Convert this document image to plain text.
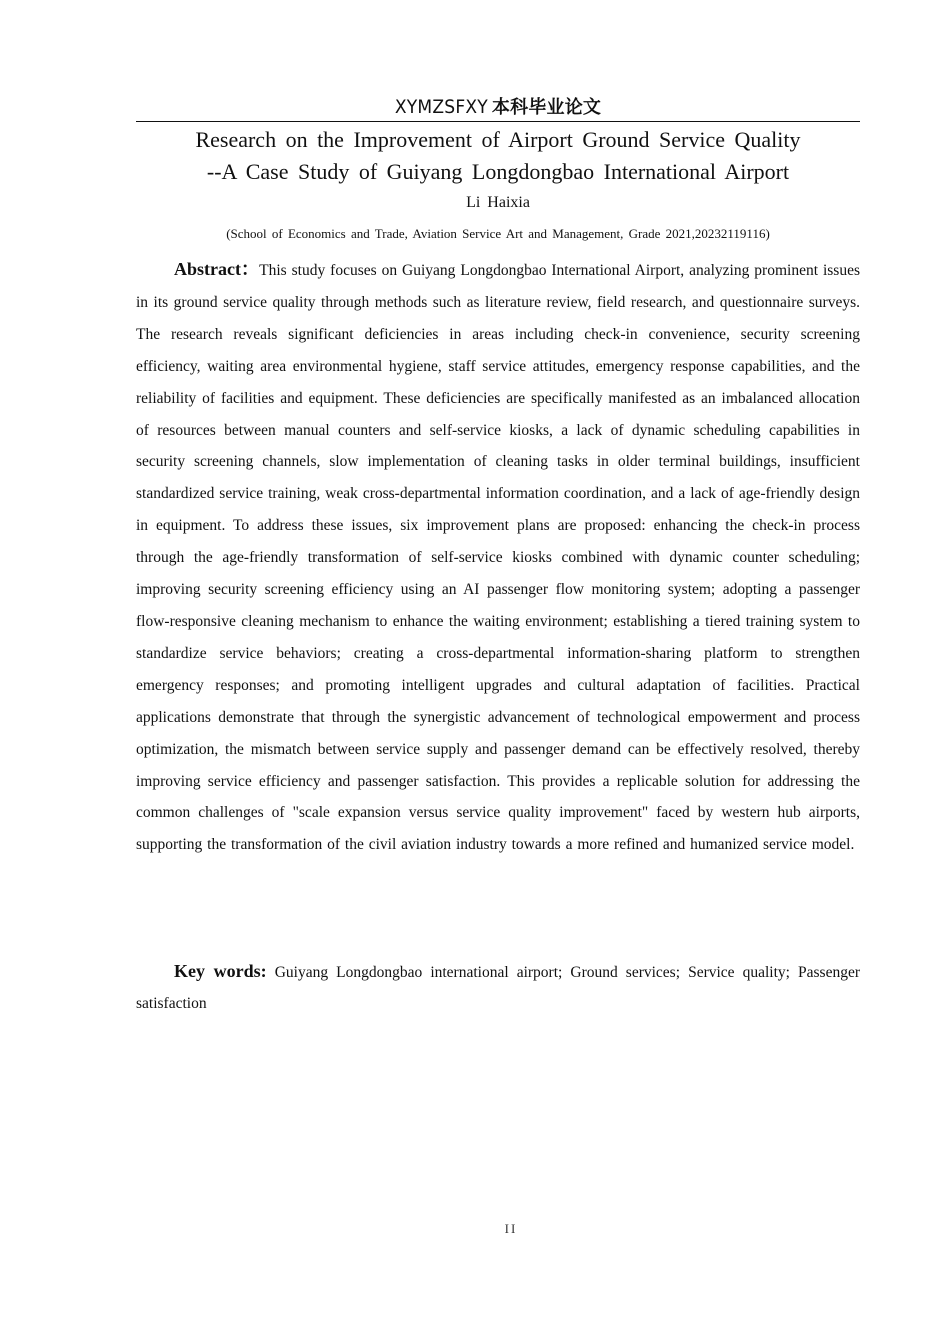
XYMZSFXY 本科毕业论文
Research on the Improvement of Airport Ground Service Quality
--A Case Study of Guiyang Longdongbao International Airport
Li Haixia
(School of Economics and Trade, Aviation Service Art and Management, Grade 2021,20232119116)

Abstract：This study focuses on Guiyang Longdongbao International Airport, analyzing prominent issues in its ground service quality through methods such as literature review, field research, and questionnaire surveys. The research reveals significant deficiencies in areas including check-in convenience, security screening efficiency, waiting area environmental hygiene, staff service attitudes, emergency response capabilities, and the reliability of facilities and equipment. These deficiencies are specifically manifested as an imbalanced allocation of resources between manual counters and self-service kiosks, a lack of dynamic scheduling capabilities in security screening channels, slow implementation of cleaning tasks in older terminal buildings, insufficient standardized service training, weak cross-departmental information coordination, and a lack of age-friendly design in equipment. To address these issues, six improvement plans are proposed: enhancing the check-in process through the age-friendly transformation of self-service kiosks combined with dynamic counter scheduling; improving security screening efficiency using an AI passenger flow monitoring system; adopting a passenger flow-responsive cleaning mechanism to enhance the waiting environment; establishing a tiered training system to standardize service behaviors; creating a cross-departmental information-sharing platform to strengthen emergency responses; and promoting intelligent upgrades and cultural adaptation of facilities. Practical applications demonstrate that through the synergistic advancement of technological empowerment and process optimization, the mismatch between service supply and passenger demand can be effectively resolved, thereby improving service efficiency and passenger satisfaction. This provides a replicable solution for addressing the common challenges of "scale expansion versus service quality improvement" faced by western hub airports, supporting the transformation of the civil aviation industry towards a more refined and humanized service model.

Key words: Guiyang Longdongbao international airport; Ground services; Service quality; Passenger satisfaction

II
